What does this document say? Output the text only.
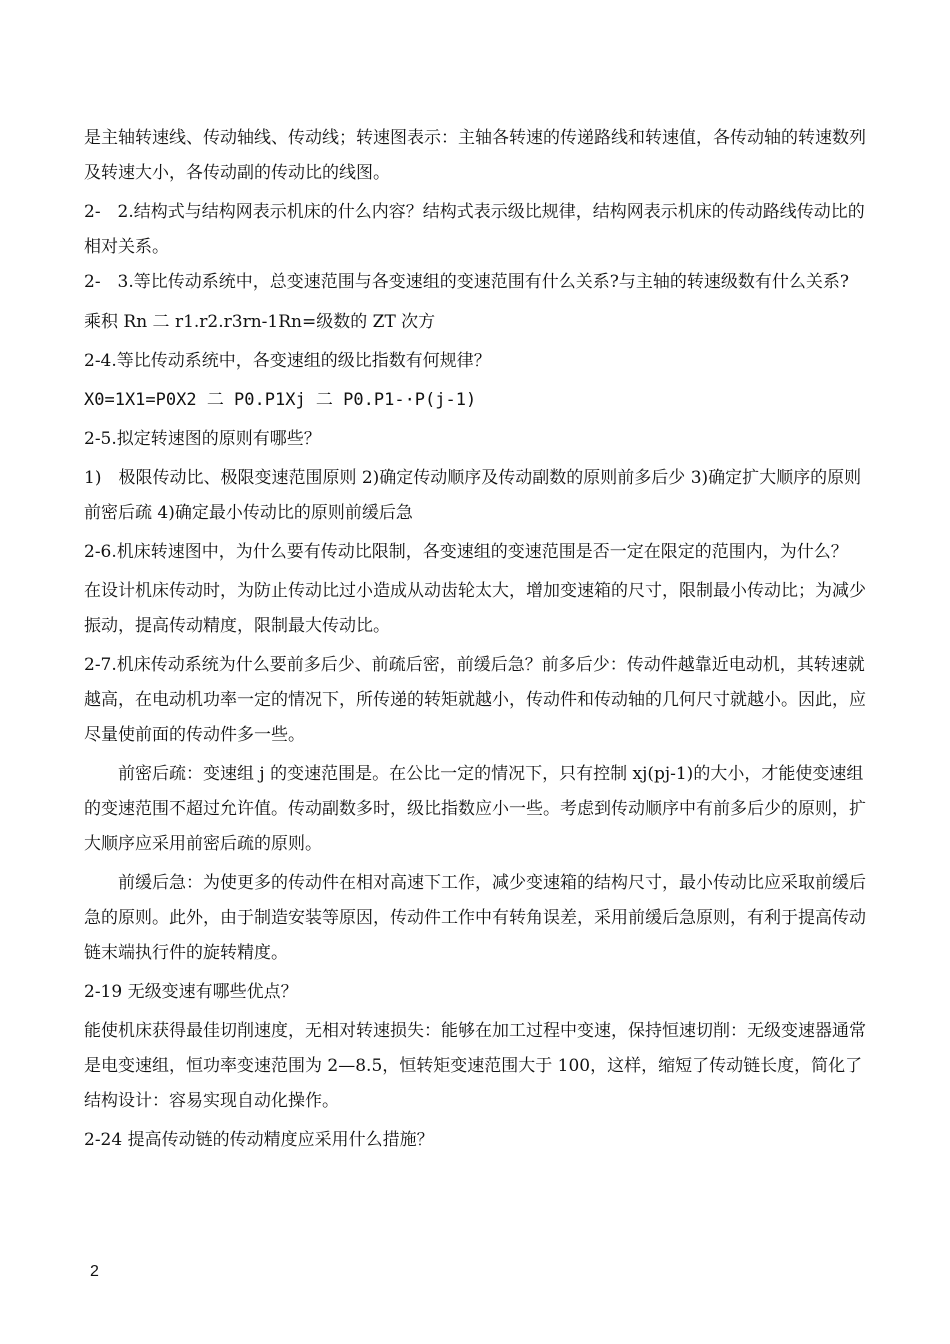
是主轴转速线、传动轴线、传动线；转速图表示：主轴各转速的传递路线和转速值，各传动轴的转速数列及转速大小，各传动副的传动比的线图。

2-　2.结构式与结构网表示机床的什么内容？结构式表示级比规律，结构网表示机床的传动路线传动比的相对关系。

2-　3.等比传动系统中，总变速范围与各变速组的变速范围有什么关系?与主轴的转速级数有什么关系?

乘积 Rn 二 r1.r2.r3rn-1Rn=级数的 ZT 次方

2-4.等比传动系统中，各变速组的级比指数有何规律？

X0=1X1=P0X2 二 P0.P1Xj 二 P0.P1-·P(j-1)

2-5.拟定转速图的原则有哪些？

1)　极限传动比、极限变速范围原则 2)确定传动顺序及传动副数的原则前多后少 3)确定扩大顺序的原则前密后疏 4)确定最小传动比的原则前缓后急

2-6.机床转速图中，为什么要有传动比限制，各变速组的变速范围是否一定在限定的范围内，为什么？

在设计机床传动时，为防止传动比过小造成从动齿轮太大，增加变速箱的尺寸，限制最小传动比；为减少振动，提高传动精度，限制最大传动比。

2-7.机床传动系统为什么要前多后少、前疏后密，前缓后急？前多后少：传动件越靠近电动机，其转速就越高，在电动机功率一定的情况下，所传递的转矩就越小，传动件和传动轴的几何尺寸就越小。因此，应尽量使前面的传动件多一些。

前密后疏：变速组 j 的变速范围是。在公比一定的情况下，只有控制 xj(pj-1)的大小，才能使变速组的变速范围不超过允许值。传动副数多时，级比指数应小一些。考虑到传动顺序中有前多后少的原则，扩大顺序应采用前密后疏的原则。

前缓后急：为使更多的传动件在相对高速下工作，减少变速箱的结构尺寸，最小传动比应采取前缓后急的原则。此外，由于制造安装等原因，传动件工作中有转角误差，采用前缓后急原则，有利于提高传动链末端执行件的旋转精度。

2-19 无级变速有哪些优点？

能使机床获得最佳切削速度，无相对转速损失：能够在加工过程中变速，保持恒速切削：无级变速器通常是电变速组，恒功率变速范围为 2—8.5，恒转矩变速范围大于 100，这样，缩短了传动链长度，简化了结构设计：容易实现自动化操作。

2-24 提高传动链的传动精度应采用什么措施？

2
